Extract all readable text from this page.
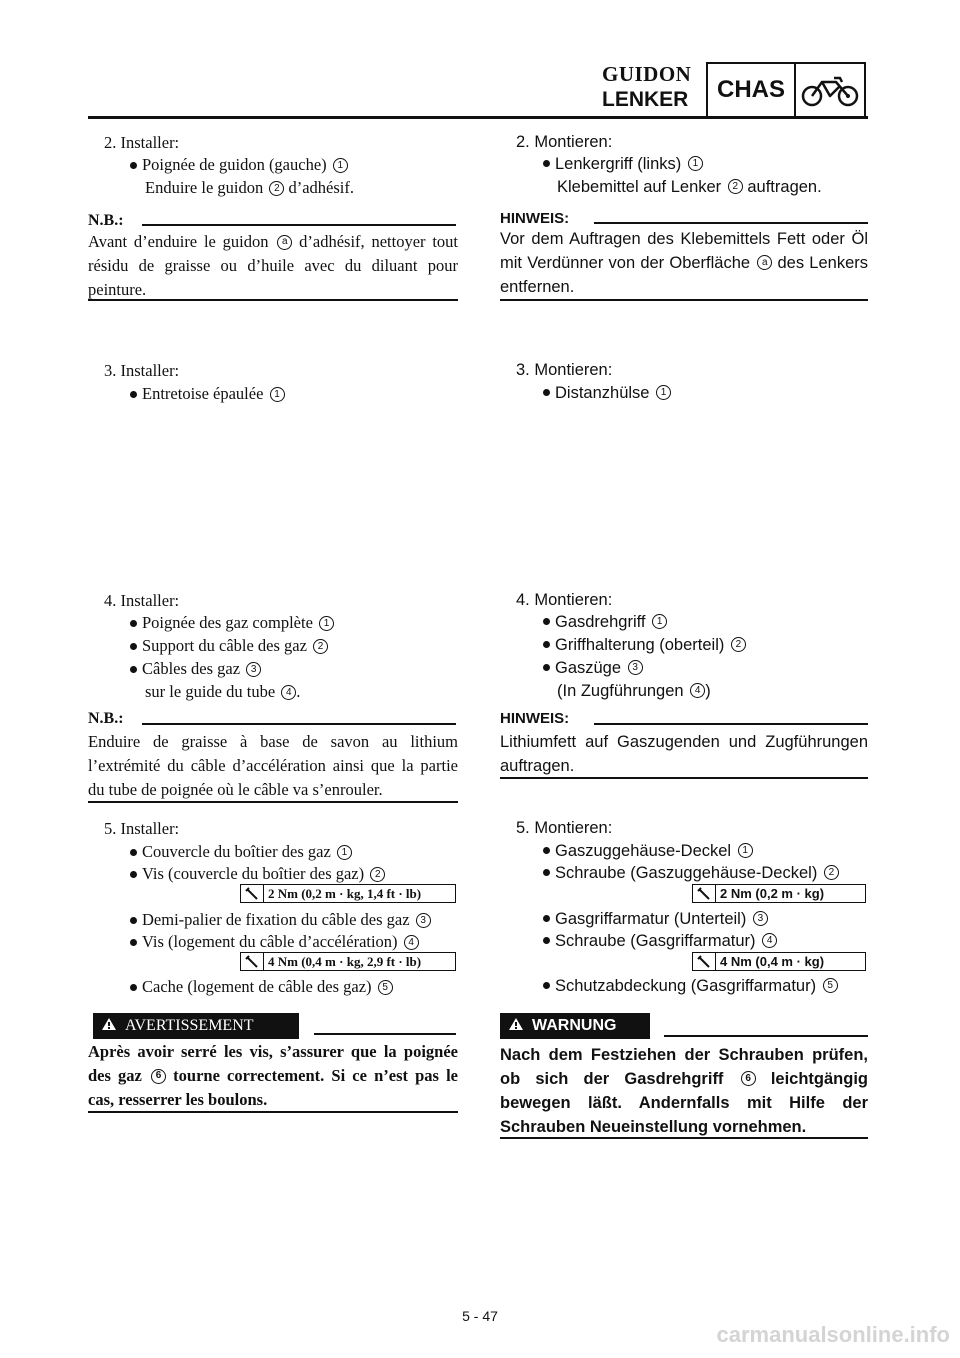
GUIDON
LENKER	CHAS
2. Installer:
Poignée de guidon (gauche) 1
Enduire le guidon 2 d’adhésif.
N.B.:
Avant d’enduire le guidon a d’adhésif, nettoyer tout résidu de graisse ou d’huile avec du diluant pour peinture.
3. Installer:
Entretoise épaulée 1
4. Installer:
Poignée des gaz complète 1
Support du câble des gaz 2
Câbles des gaz 3
sur le guide du tube 4 .
N.B.:
Enduire de graisse à base de savon au lithium l’extrémité du câble d’accélération ainsi que la partie du tube de poignée où le câble va s’enrouler.
5. Installer:
Couvercle du boîtier des gaz 1
Vis (couvercle du boîtier des gaz) 2
2 Nm (0,2 m · kg, 1,4 ft · lb)
Demi-palier de fixation du câble des gaz 3
Vis (logement du câble d’accélération) 4
4 Nm (0,4 m · kg, 2,9 ft · lb)
Cache (logement de câble des gaz) 5
AVERTISSEMENT
Après avoir serré les vis, s’assurer que la poignée des gaz 6 tourne correctement. Si ce n’est pas le cas, resserrer les boulons.
2. Montieren:
Lenkergriff (links) 1
Klebemittel auf Lenker 2 auftragen.
HINWEIS:
Vor dem Auftragen des Klebemittels Fett oder Öl mit Verdünner von der Oberfläche a des Lenkers entfernen.
3. Montieren:
Distanzhülse 1
4. Montieren:
Gasdrehgriff 1
Griffhalterung (oberteil) 2
Gaszüge 3
(In Zugführungen 4 )
HINWEIS:
Lithiumfett auf Gaszugenden und Zugführungen auftragen.
5. Montieren:
Gaszuggehäuse-Deckel 1
Schraube (Gaszuggehäuse-Deckel) 2
2 Nm (0,2 m · kg)
Gasgriffarmatur (Unterteil) 3
Schraube (Gasgriffarmatur) 4
4 Nm (0,4 m · kg)
Schutzabdeckung (Gasgriffarmatur) 5
WARNUNG
Nach dem Festziehen der Schrauben prüfen, ob sich der Gasdrehgriff 6 leichtgängig bewegen läßt. Andernfalls mit Hilfe der Schrauben Neueinstellung vornehmen.
5 - 47
carmanualsonline.info
